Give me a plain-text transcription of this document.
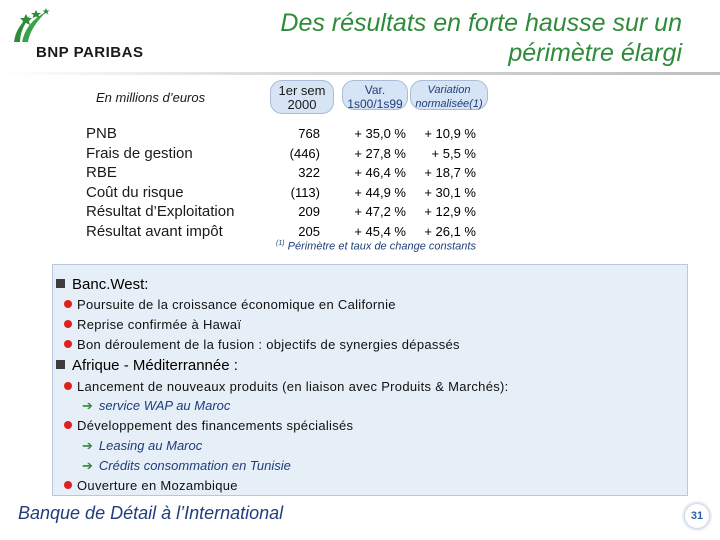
BNP PARIBAS
Des résultats en forte hausse sur un
périmètre élargi
En millions d’euros	1er sem
2000
Var.
1s00/1s99
Variation
normalisée(1)
PNB
Frais de gestion
RBE
Coût du risque
Résultat d’Exploitation
Résultat avant impôt
768
(446)
322
(113)
209
205
+ 35,0 %
+ 27,8 %
+ 46,4 %
+ 44,9 %
+ 47,2 %
+ 45,4 %
+ 10,9 %
+ 5,5 %
+ 18,7 %
+ 30,1 %
+ 12,9 %
+ 26,1 %
$^{(1)}$ Périmètre et taux de change constants
Banc.West:
Poursuite de la croissance économique en Californie
Reprise confirmée à Hawaï
Bon déroulement de la fusion : objectifs de synergies dépassés
Afrique - Méditerrannée :
Lancement de nouveaux produits (en liaison avec Produits & Marchés):
➔ service WAP au Maroc
Développement des financements spécialisés
➔ Leasing au Maroc
➔ Crédits consommation en Tunisie
Ouverture en Mozambique
Banque de Détail à l’International	31
